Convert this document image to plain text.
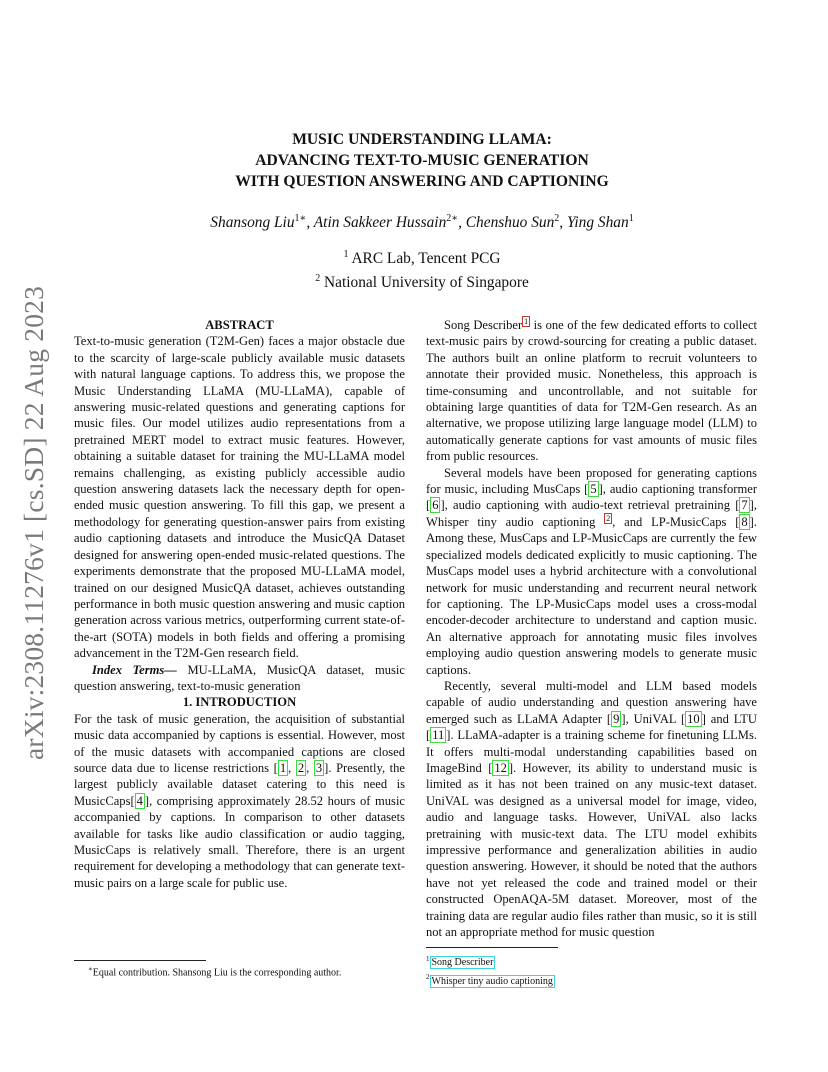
arXiv:2308.11276v1 [cs.SD] 22 Aug 2023

MUSIC UNDERSTANDING LLAMA:
ADVANCING TEXT-TO-MUSIC GENERATION
WITH QUESTION ANSWERING AND CAPTIONING

Shansong Liu$^{1∗}$, Atin Sakkeer Hussain$^{2∗}$, Chenshuo Sun$^2$, Ying Shan$^1$
$^1$ ARC Lab, Tencent PCG
$^2$ National University of Singapore

ABSTRACT

Text-to-music generation (T2M-Gen) faces a major obstacle due to the scarcity of large-scale publicly available music datasets with natural language captions. To address this, we propose the Music Understanding LLaMA (MU-LLaMA), capable of answering music-related questions and generating captions for music files. Our model utilizes audio representations from a pretrained MERT model to extract music features. However, obtaining a suitable dataset for training the MU-LLaMA model remains challenging, as existing publicly accessible audio question answering datasets lack the necessary depth for open-ended music question answering. To fill this gap, we present a methodology for generating question-answer pairs from existing audio captioning datasets and introduce the MusicQA Dataset designed for answering open-ended music-related questions. The experiments demonstrate that the proposed MU-LLaMA model, trained on our designed MusicQA dataset, achieves outstanding performance in both music question answering and music caption generation across various metrics, outperforming current state-of-the-art (SOTA) models in both fields and offering a promising advancement in the T2M-Gen research field.

Index Terms— MU-LLaMA, MusicQA dataset, music question answering, text-to-music generation

1. INTRODUCTION

For the task of music generation, the acquisition of substantial music data accompanied by captions is essential. However, most of the music datasets with accompanied captions are closed source data due to license restrictions [ 1 , 2 , 3 ]. Presently, the largest publicly available dataset catering to this need is MusicCaps[ 4 ], comprising approximately 28.52 hours of music accompanied by captions. In comparison to other datasets available for tasks like audio classification or audio tagging, MusicCaps is relatively small. Therefore, there is an urgent requirement for developing a methodology that can generate text-music pairs on a large scale for public use.

Song Describer $^1$ is one of the few dedicated efforts to collect text-music pairs by crowd-sourcing for creating a public dataset. The authors built an online platform to recruit volunteers to annotate their provided music. Nonetheless, this approach is time-consuming and uncontrollable, and not suitable for obtaining large quantities of data for T2M-Gen research. As an alternative, we propose utilizing large language model (LLM) to automatically generate captions for vast amounts of music files from public resources.

Several models have been proposed for generating captions for music, including MusCaps [ 5 ], audio captioning transformer [ 6 ], audio captioning with audio-text retrieval pretraining [ 7 ], Whisper tiny audio captioning $^2$ , and LP-MusicCaps [ 8 ]. Among these, MusCaps and LP-MusicCaps are currently the few specialized models dedicated explicitly to music captioning. The MusCaps model uses a hybrid architecture with a convolutional network for music understanding and recurrent neural network for captioning. The LP-MusicCaps model uses a cross-modal encoder-decoder architecture to understand and caption music. An alternative approach for annotating music files involves employing audio question answering models to generate music captions.

Recently, several multi-model and LLM based models capable of audio understanding and question answering have emerged such as LLaMA Adapter [ 9 ], UniVAL [ 10 ] and LTU [ 11 ]. LLaMA-adapter is a training scheme for finetuning LLMs. It offers multi-modal understanding capabilities based on ImageBind [ 12 ]. However, its ability to understand music is limited as it has not been trained on any music-text dataset. UniVAL was designed as a universal model for image, video, audio and language tasks. However, UniVAL also lacks pretraining with music-text data. The LTU model exhibits impressive performance and generalization abilities in audio question answering. However, it should be noted that the authors have not yet released the code and trained model or their constructed OpenAQA-5M dataset. Moreover, most of the training data are regular audio files rather than music, so it is still not an appropriate method for music question

∗Equal contribution. Shansong Liu is the corresponding author.
$^1$ Song Describer
$^2$ Whisper tiny audio captioning
